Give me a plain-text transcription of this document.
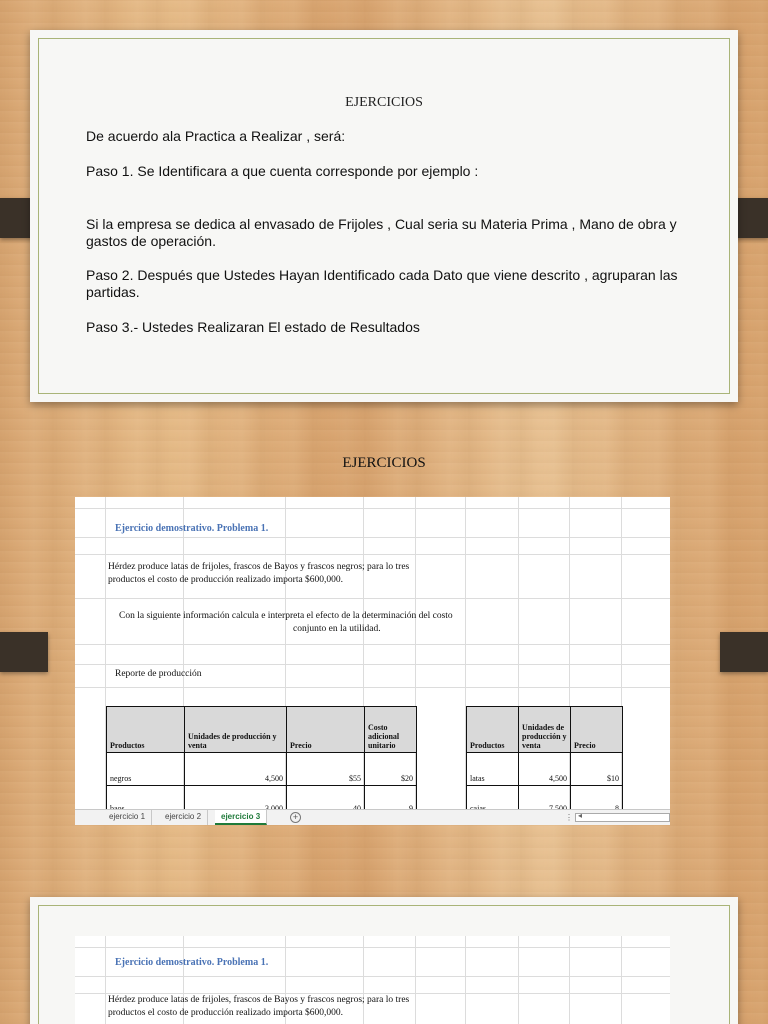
EJERCICIOS
De acuerdo ala Practica a Realizar , será:
Paso 1. Se Identificara a que cuenta corresponde por ejemplo :
Si la empresa se dedica al envasado de Frijoles , Cual seria su Materia Prima , Mano de obra y gastos de operación.
Paso 2. Después que Ustedes Hayan Identificado cada Dato que viene descrito , agruparan las partidas.
Paso 3.- Ustedes Realizaran El estado de Resultados
EJERCICIOS
Ejercicio demostrativo. Problema 1.
Hérdez produce latas de frijoles, frascos de Bayos y frascos negros; para lo tres
productos el costo de producción realizado importa $600,000.
Con la siguiente información calcula e interpreta el efecto de la determinación del costo
conjunto en la utilidad.
Reporte de producción
Productos	Unidades de producción y venta	Precio	Costo adicional unitario
negros	4,500	$55	$20

Productos	Unidades de producción y venta	Precio
latas	4,500	$10

ejercicio 1	ejercicio 2	ejercicio 3	+	⋮ ◂
Ejercicio demostrativo. Problema 1.
Hérdez produce latas de frijoles, frascos de Bayos y frascos negros; para lo tres
productos el costo de producción realizado importa $600,000.
